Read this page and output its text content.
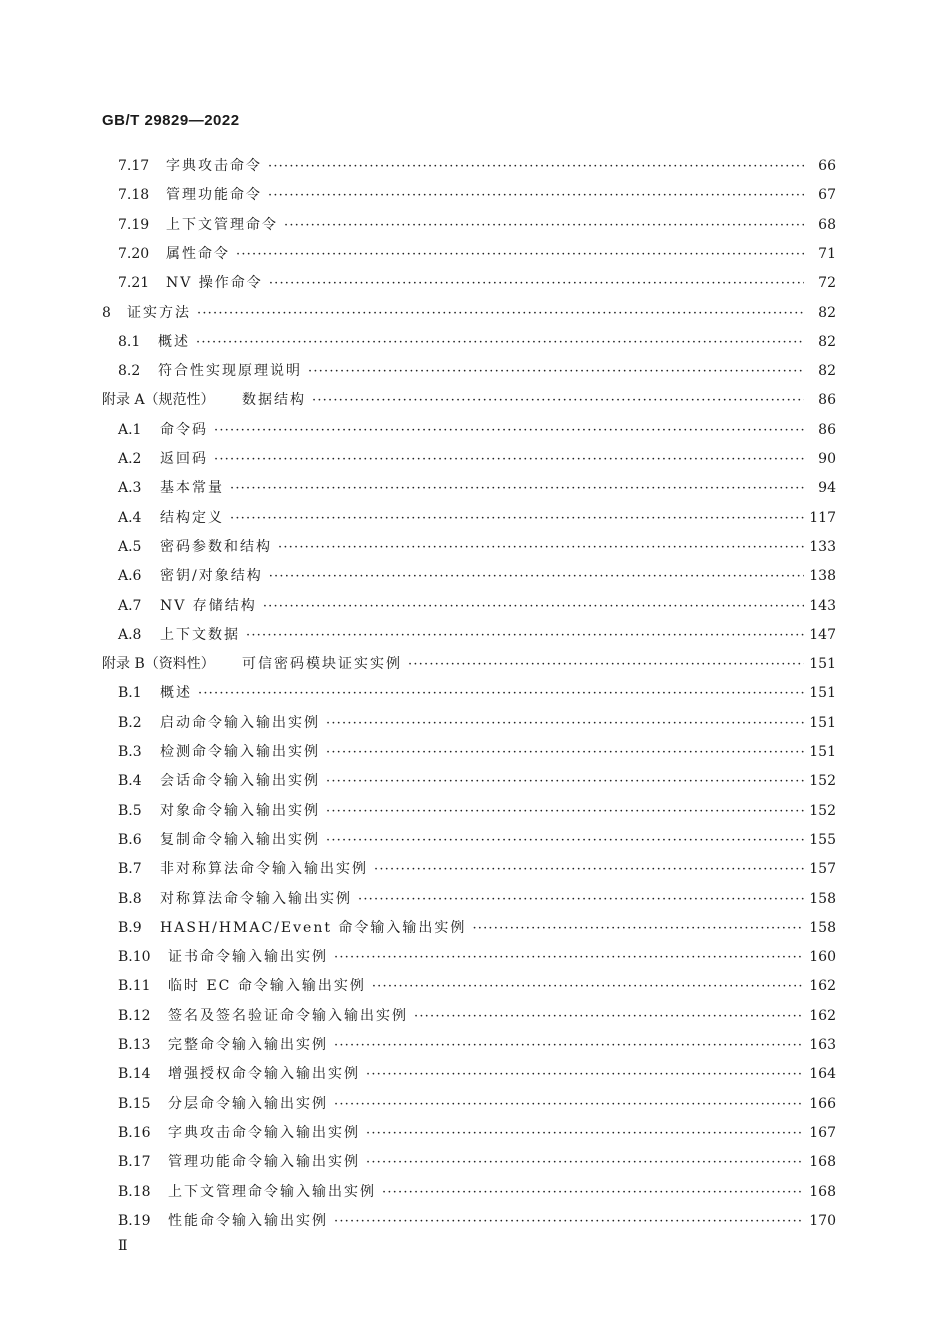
GB/T 29829—2022
7.17	字典攻击命令 ·····	66
7.18	管理功能命令 ·····	67
7.19	上下文管理命令 ·····	68
7.20	属性命令 ·····	71
7.21	NV 操作命令 ·····	72
8	证实方法 ·····	82
8.1	概述 ·····	82
8.2	符合性实现原理说明 ·····	82
附录 A（规范性）	数据结构 ·····	86
A.1	命令码 ·····	86
A.2	返回码 ·····	90
A.3	基本常量 ·····	94
A.4	结构定义 ·····	117
A.5	密码参数和结构 ·····	133
A.6	密钥/对象结构 ·····	138
A.7	NV 存储结构 ·····	143
A.8	上下文数据 ·····	147
附录 B（资料性）	可信密码模块证实实例 ·····	151
B.1	概述 ·····	151
B.2	启动命令输入输出实例 ·····	151
B.3	检测命令输入输出实例 ·····	151
B.4	会话命令输入输出实例 ·····	152
B.5	对象命令输入输出实例 ·····	152
B.6	复制命令输入输出实例 ·····	155
B.7	非对称算法命令输入输出实例 ·····	157
B.8	对称算法命令输入输出实例 ·····	158
B.9	HASH/HMAC/Event 命令输入输出实例 ·····	158
B.10	证书命令输入输出实例 ·····	160
B.11	临时 EC 命令输入输出实例 ·····	162
B.12	签名及签名验证命令输入输出实例 ·····	162
B.13	完整命令输入输出实例 ·····	163
B.14	增强授权命令输入输出实例 ·····	164
B.15	分层命令输入输出实例 ·····	166
B.16	字典攻击命令输入输出实例 ·····	167
B.17	管理功能命令输入输出实例 ·····	168
B.18	上下文管理命令输入输出实例 ·····	168
B.19	性能命令输入输出实例 ·····	170
Ⅱ
